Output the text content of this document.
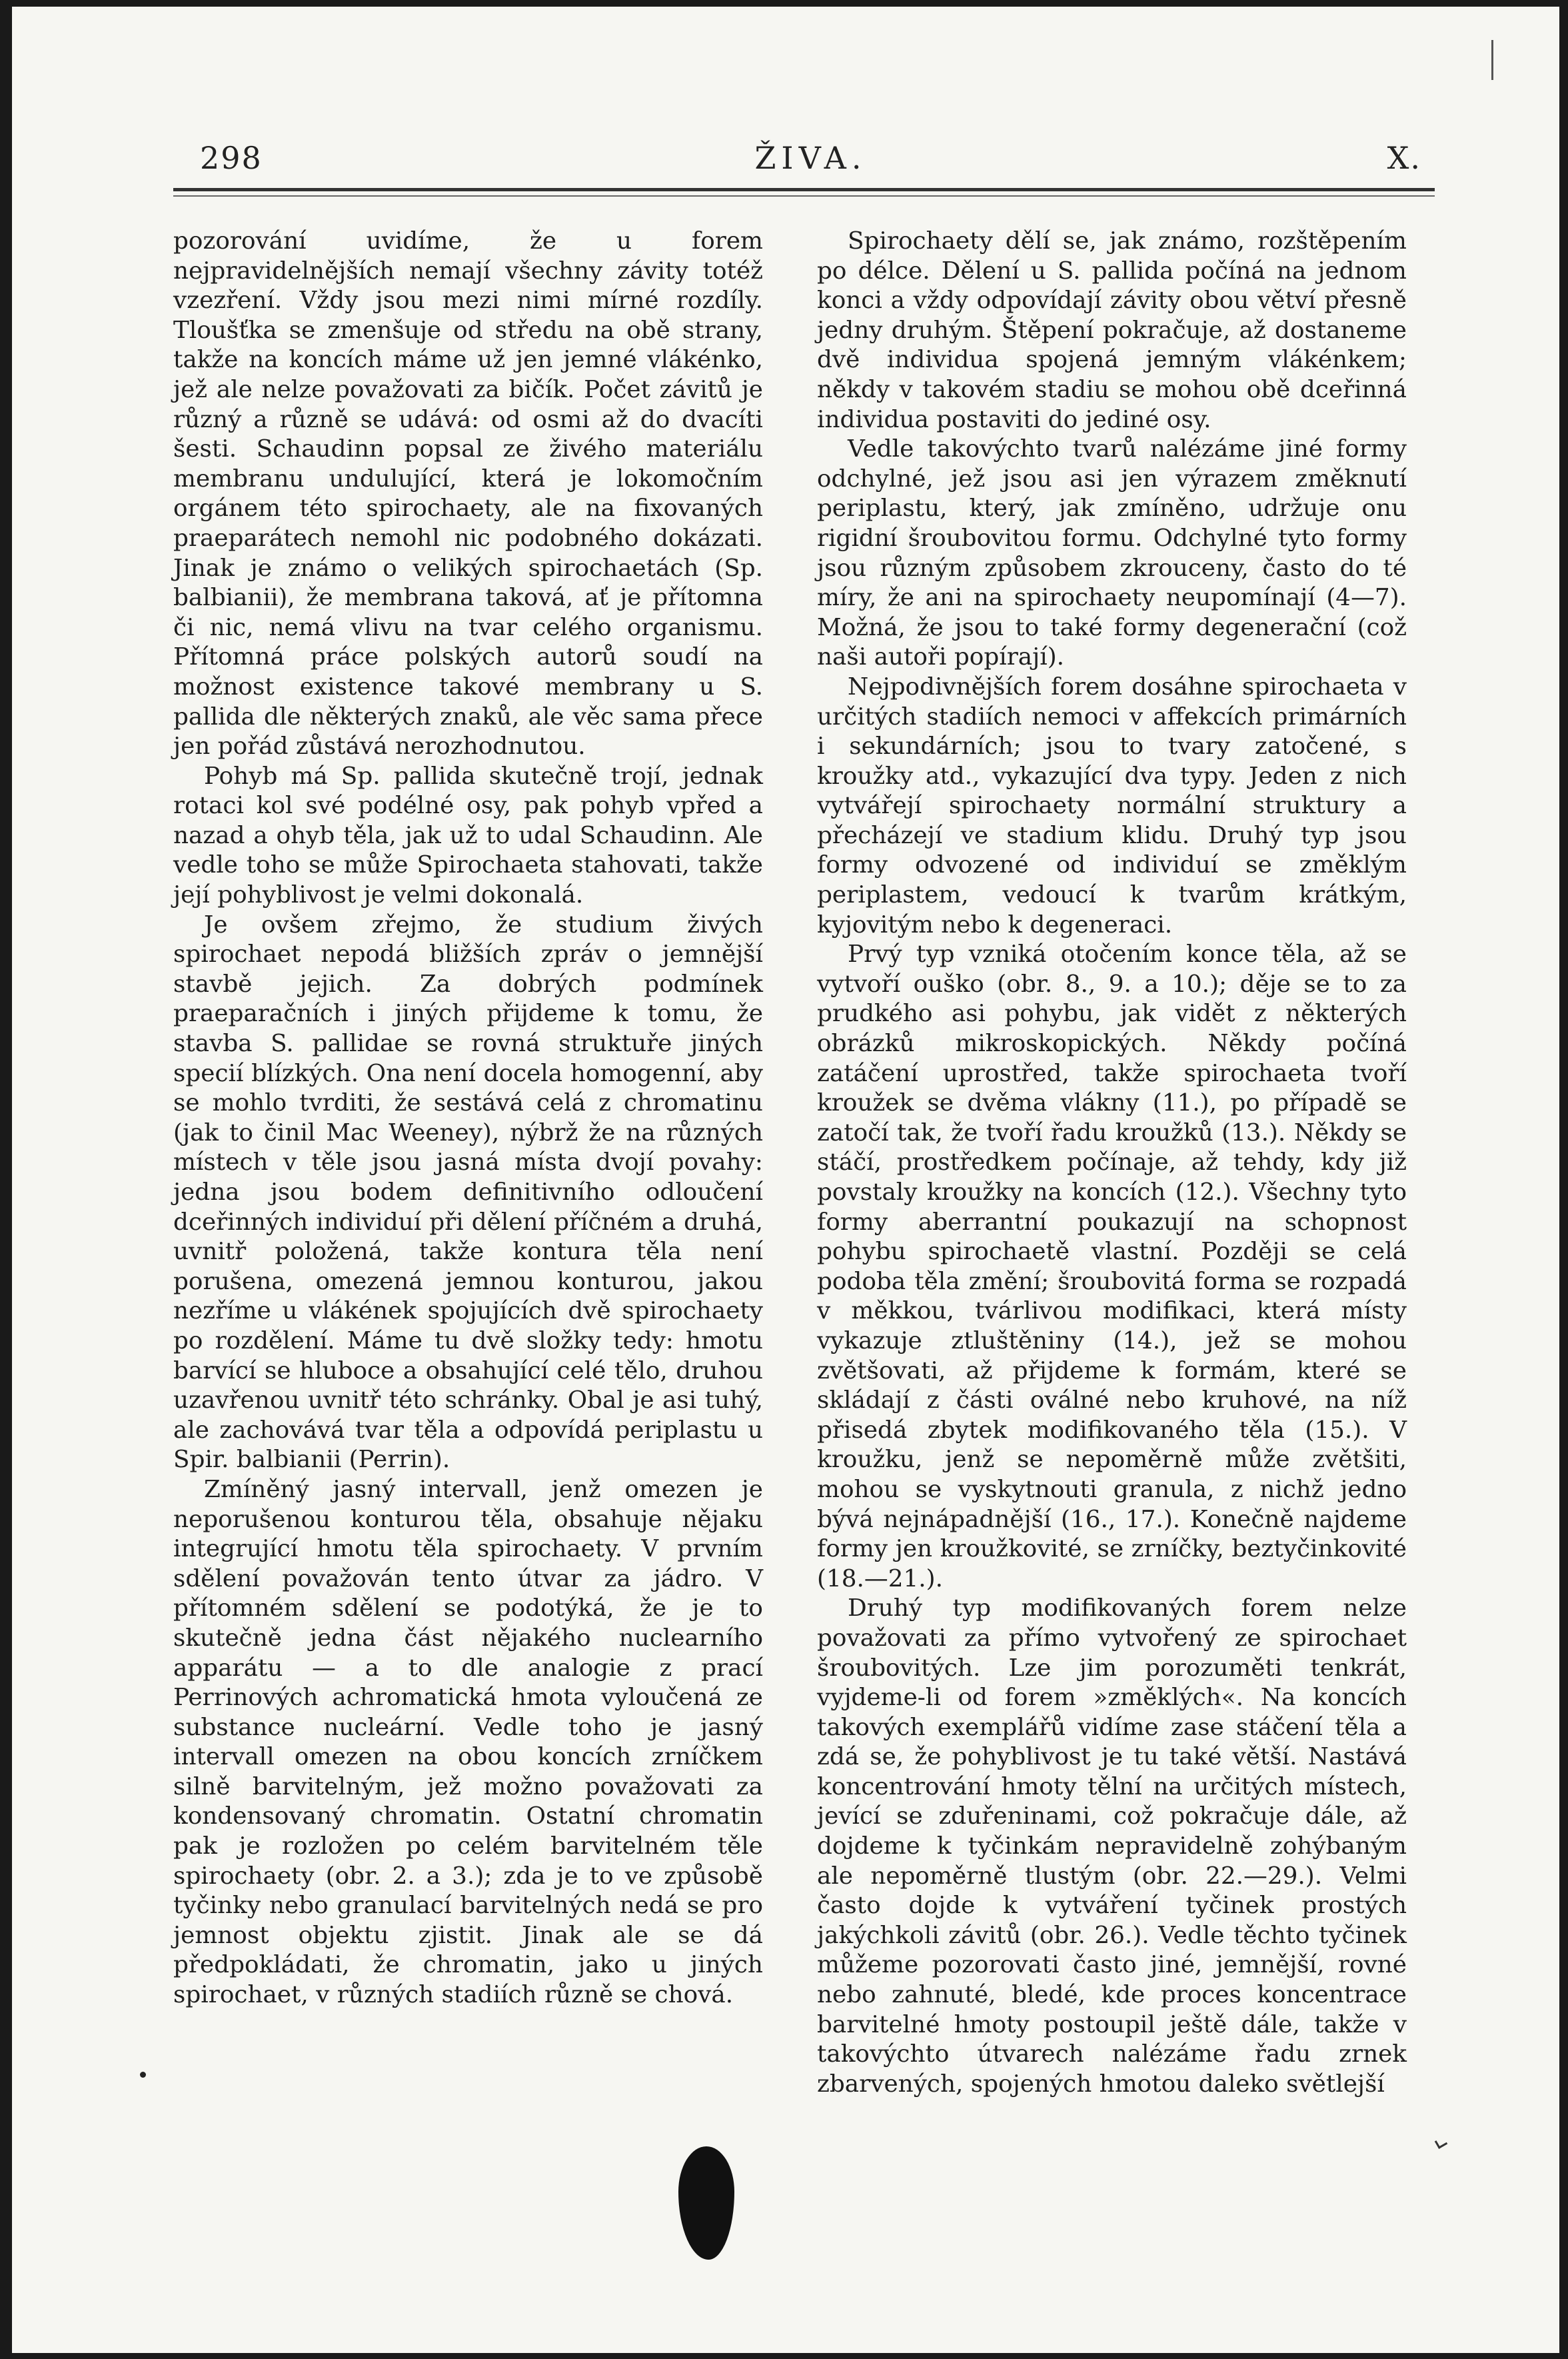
298	ŽIVA.	X.

pozorování uvidíme, že u forem nejpravidelnějších nemají všechny závity totéž vzezření. Vždy jsou mezi nimi mírné rozdíly. Tloušťka se zmenšuje od středu na obě strany, takže na koncích máme už jen jemné vlákénko, jež ale nelze považovati za bičík. Počet závitů je různý a různě se udává: od osmi až do dvacíti šesti. Schaudinn popsal ze živého materiálu membranu undulující, která je lokomočním orgánem této spirochaety, ale na fixovaných praeparátech nemohl nic podobného dokázati. Jinak je známo o velikých spirochaetách (Sp. balbianii), že membrana taková, ať je přítomna či nic, nemá vlivu na tvar celého organismu. Přítomná práce polských autorů soudí na možnost existence takové membrany u S. pallida dle některých znaků, ale věc sama přece jen pořád zůstává nerozhodnutou.

Pohyb má Sp. pallida skutečně trojí, jednak rotaci kol své podélné osy, pak pohyb vpřed a nazad a ohyb těla, jak už to udal Schaudinn. Ale vedle toho se může Spirochaeta stahovati, takže její pohyblivost je velmi dokonalá.

Je ovšem zřejmo, že studium živých spirochaet nepodá bližších zpráv o jemnější stavbě jejich. Za dobrých podmínek praeparačních i jiných přijdeme k tomu, že stavba S. pallidae se rovná struktuře jiných specií blízkých. Ona není docela homogenní, aby se mohlo tvrditi, že sestává celá z chromatinu (jak to činil Mac Weeney), nýbrž že na různých místech v těle jsou jasná místa dvojí povahy: jedna jsou bodem definitivního odloučení dceřinných individuí při dělení příčném a druhá, uvnitř položená, takže kontura těla není porušena, omezená jemnou konturou, jakou nezříme u vlákének spojujících dvě spirochaety po rozdělení. Máme tu dvě složky tedy: hmotu barvící se hluboce a obsahující celé tělo, druhou uzavřenou uvnitř této schránky. Obal je asi tuhý, ale zachovává tvar těla a odpovídá periplastu u Spir. balbianii (Perrin).

Zmíněný jasný intervall, jenž omezen je neporušenou konturou těla, obsahuje nějaku integrující hmotu těla spirochaety. V prvním sdělení považován tento útvar za jádro. V přítomném sdělení se podotýká, že je to skutečně jedna část nějakého nuclearního apparátu — a to dle analogie z prací Perrinových achromatická hmota vyloučená ze substance nucleární. Vedle toho je jasný intervall omezen na obou koncích zrníčkem silně barvitelným, jež možno považovati za kondensovaný chromatin. Ostatní chromatin pak je rozložen po celém barvitelném těle spirochaety (obr. 2. a 3.); zda je to ve způsobě tyčinky nebo granulací barvitelných nedá se pro jemnost objektu zjistit. Jinak ale se dá předpokládati, že chromatin, jako u jiných spirochaet, v různých stadiích různě se chová.

Spirochaety dělí se, jak známo, rozštěpením po délce. Dělení u S. pallida počíná na jednom konci a vždy odpovídají závity obou větví přesně jedny druhým. Štěpení pokračuje, až dostaneme dvě individua spojená jemným vlákénkem; někdy v takovém stadiu se mohou obě dceřinná individua postaviti do jediné osy.

Vedle takovýchto tvarů nalézáme jiné formy odchylné, jež jsou asi jen výrazem změknutí periplastu, který, jak zmíněno, udržuje onu rigidní šroubovitou formu. Odchylné tyto formy jsou různým způsobem zkrouceny, často do té míry, že ani na spirochaety neupomínají (4—7). Možná, že jsou to také formy degenerační (což naši autoři popírají).

Nejpodivnějších forem dosáhne spirochaeta v určitých stadiích nemoci v affekcích primárních i sekundárních; jsou to tvary zatočené, s kroužky atd., vykazující dva typy. Jeden z nich vytvářejí spirochaety normální struktury a přecházejí ve stadium klidu. Druhý typ jsou formy odvozené od individuí se změklým periplastem, vedoucí k tvarům krátkým, kyjovitým nebo k degeneraci.

Prvý typ vzniká otočením konce těla, až se vytvoří ouško (obr. 8., 9. a 10.); děje se to za prudkého asi pohybu, jak vidět z některých obrázků mikroskopických. Někdy počíná zatáčení uprostřed, takže spirochaeta tvoří kroužek se dvěma vlákny (11.), po případě se zatočí tak, že tvoří řadu kroužků (13.). Někdy se stáčí, prostředkem počínaje, až tehdy, kdy již povstaly kroužky na koncích (12.). Všechny tyto formy aberrantní poukazují na schopnost pohybu spirochaetě vlastní. Později se celá podoba těla změní; šroubovitá forma se rozpadá v měkkou, tvárlivou modifikaci, která místy vykazuje ztluštěniny (14.), jež se mohou zvětšovati, až přijdeme k formám, které se skládají z části oválné nebo kruhové, na níž přisedá zbytek modifikovaného těla (15.). V kroužku, jenž se nepoměrně může zvětšiti, mohou se vyskytnouti granula, z nichž jedno bývá nejnápadnější (16., 17.). Konečně najdeme formy jen kroužkovité, se zrníčky, beztyčinkovité (18.—21.).

Druhý typ modifikovaných forem nelze považovati za přímo vytvořený ze spirochaet šroubovitých. Lze jim porozuměti tenkrát, vyjdeme-li od forem »změklých«. Na koncích takových exemplářů vidíme zase stáčení těla a zdá se, že pohyblivost je tu také větší. Nastává koncentrování hmoty tělní na určitých místech, jevící se zduřeninami, což pokračuje dále, až dojdeme k tyčinkám nepravidelně zohýbaným ale nepoměrně tlustým (obr. 22.—29.). Velmi často dojde k vytváření tyčinek prostých jakýchkoli závitů (obr. 26.). Vedle těchto tyčinek můžeme pozorovati často jiné, jemnější, rovné nebo zahnuté, bledé, kde proces koncentrace barvitelné hmoty postoupil ještě dále, takže v takovýchto útvarech nalézáme řadu zrnek zbarvených, spojených hmotou daleko světlejší
